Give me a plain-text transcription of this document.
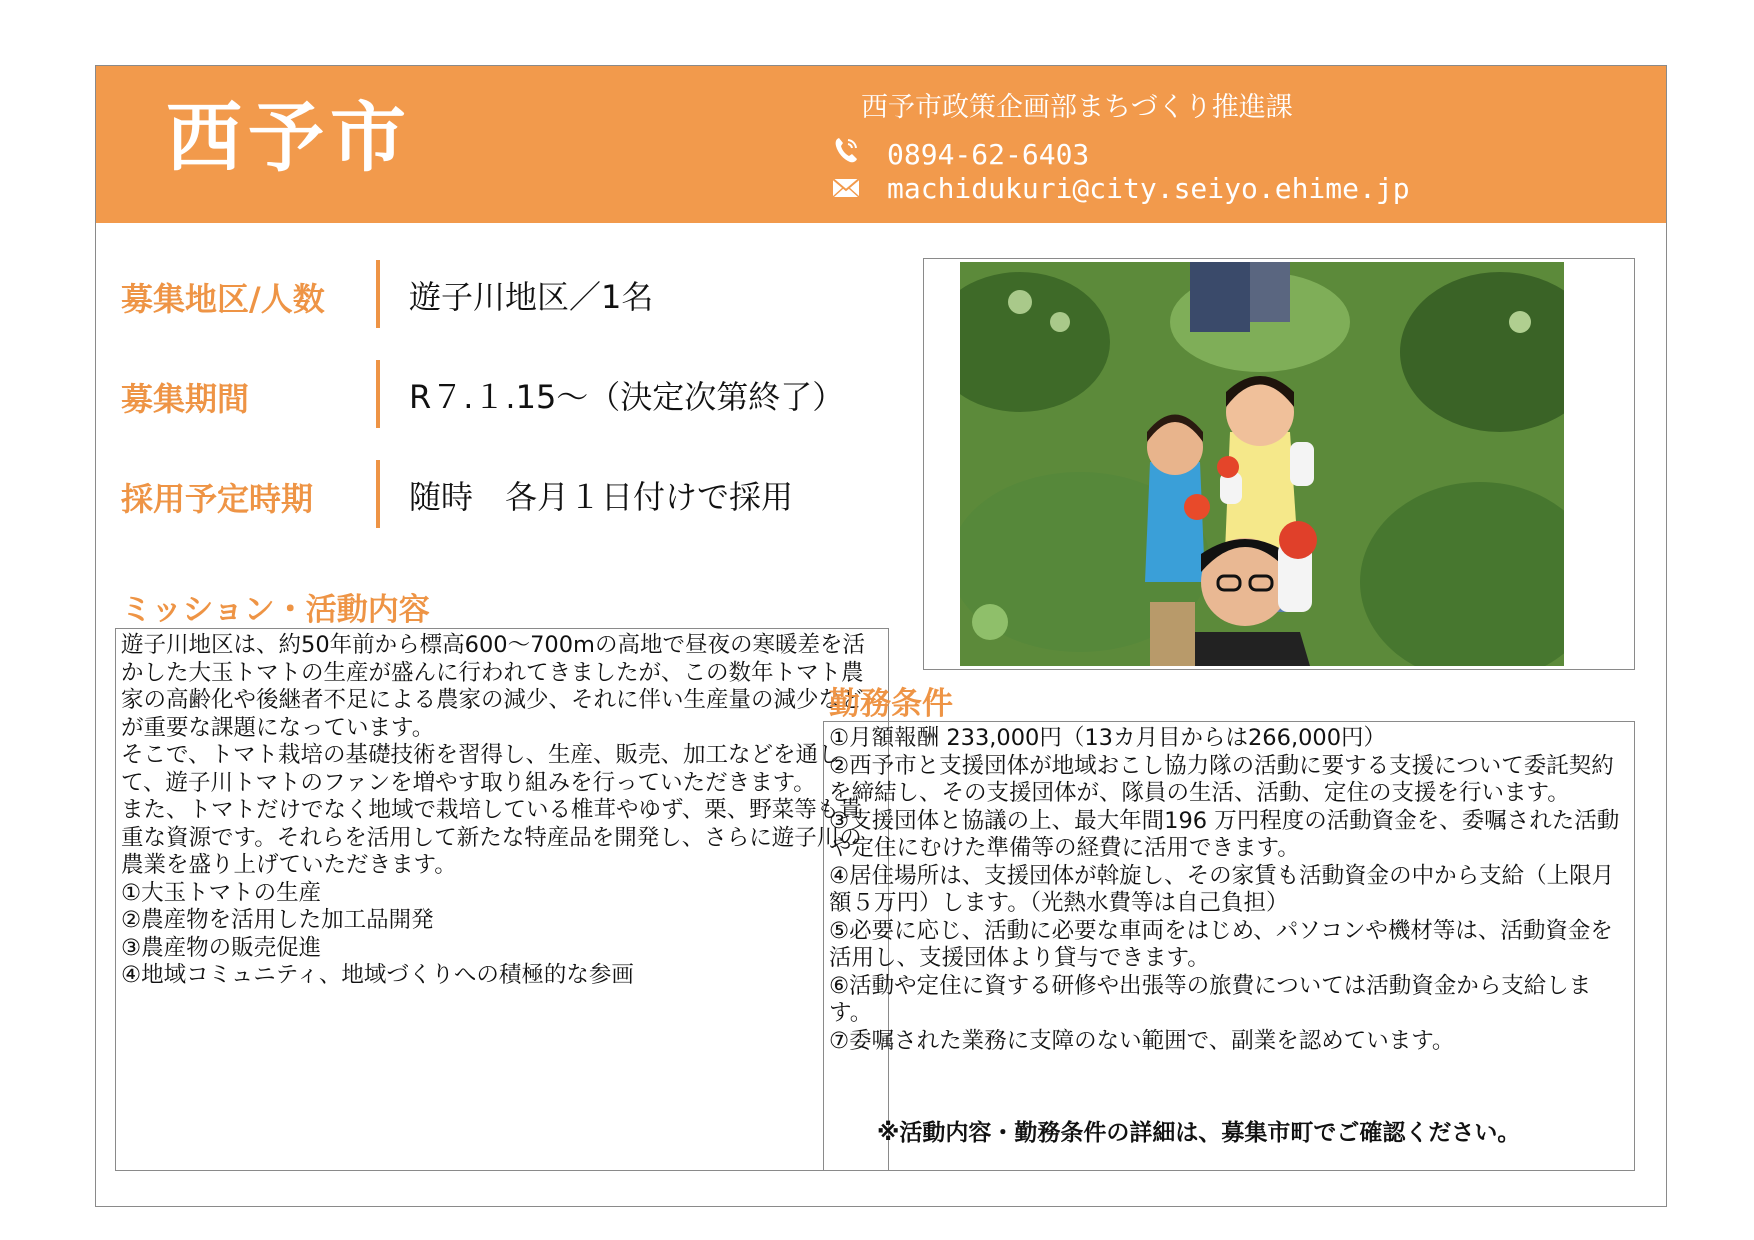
西予市	西予市政策企画部まちづくり推進課
0894-62-6403
machidukuri@city.seiyo.ehime.jp
募集地区/人数	遊子川地区／1名
募集期間	R７.１.15～（決定次第終了）
採用予定時期	随時　各月１日付けで採用
ミッション・活動内容
遊子川地区は、約50年前から標高600～700mの高地で昼夜の寒暖差を活かした大玉トマトの生産が盛んに行われてきましたが、この数年トマト農家の高齢化や後継者不足による農家の減少、それに伴い生産量の減少などが重要な課題になっています。
そこで、トマト栽培の基礎技術を習得し、生産、販売、加工などを通して、遊子川トマトのファンを増やす取り組みを行っていただきます。
また、トマトだけでなく地域で栽培している椎茸やゆず、栗、野菜等も貴重な資源です。それらを活用して新たな特産品を開発し、さらに遊子川の農業を盛り上げていただきます。
①大玉トマトの生産
②農産物を活用した加工品開発
③農産物の販売促進
④地域コミュニティ、地域づくりへの積極的な参画
勤務条件
①月額報酬 233,000円（13カ月目からは266,000円）
②西予市と支援団体が地域おこし協力隊の活動に要する支援について委託契約を締結し、その支援団体が、隊員の生活、活動、定住の支援を行います。
③支援団体と協議の上、最大年間196 万円程度の活動資金を、委嘱された活動や定住にむけた準備等の経費に活用できます。
④居住場所は、支援団体が斡旋し、その家賃も活動資金の中から支給（上限月額５万円）します。（光熱水費等は自己負担）
⑤必要に応じ、活動に必要な車両をはじめ、パソコンや機材等は、活動資金を活用し、支援団体より貸与できます。
⑥活動や定住に資する研修や出張等の旅費については活動資金から支給します。
⑦委嘱された業務に支障のない範囲で、副業を認めています。
※活動内容・勤務条件の詳細は、募集市町でご確認ください。
